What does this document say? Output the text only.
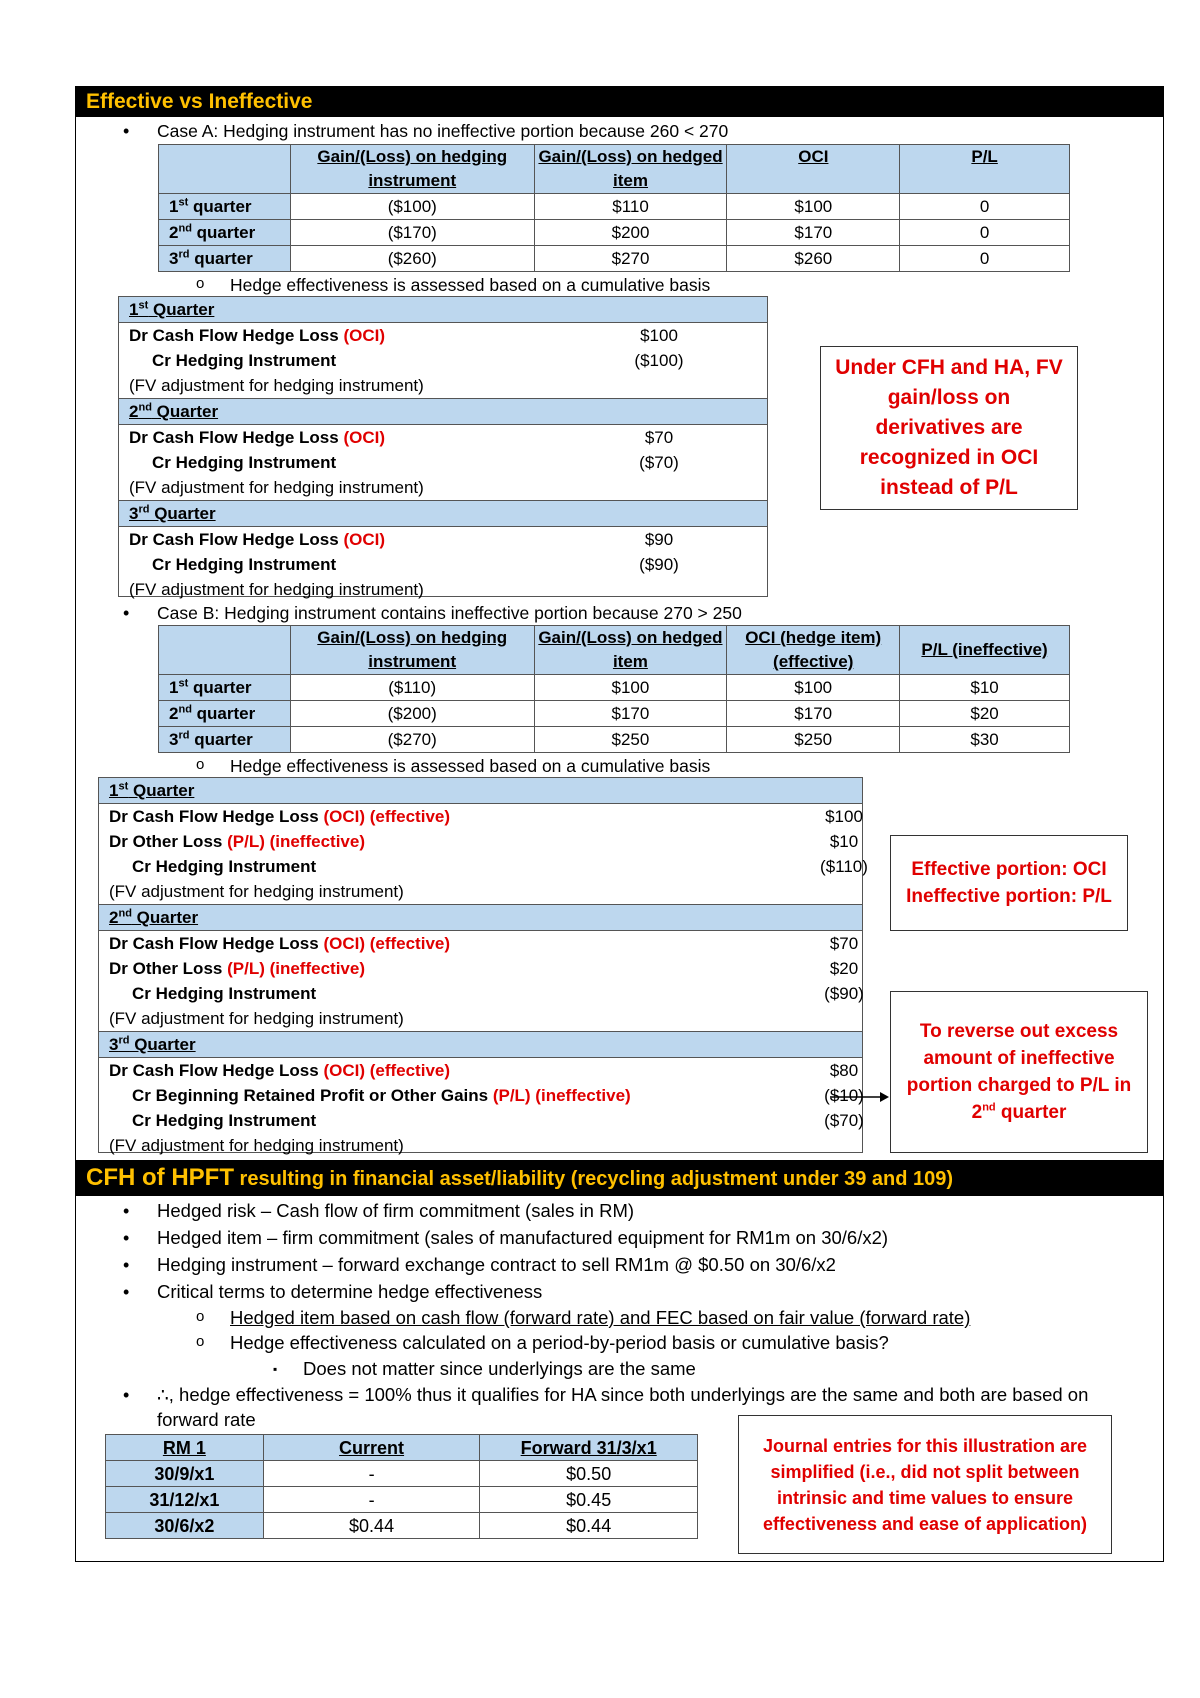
Effective vs Ineffective
• Case A: Hedging instrument has no ineffective portion because 260 < 270
	Gain/(Loss) on hedging instrument	Gain/(Loss) on hedged item	OCI	P/L
1st quarter	($100)	$110	$100	0
2nd quarter	($170)	$200	$170	0
3rd quarter	($260)	$270	$260	0
o Hedge effectiveness is assessed based on a cumulative basis
1st Quarter
Dr Cash Flow Hedge Loss (OCI)	$100
Cr Hedging Instrument	($100)
(FV adjustment for hedging instrument)
2nd Quarter
Dr Cash Flow Hedge Loss (OCI)	$70
Cr Hedging Instrument	($70)
(FV adjustment for hedging instrument)
3rd Quarter
Dr Cash Flow Hedge Loss (OCI)	$90
Cr Hedging Instrument	($90)
(FV adjustment for hedging instrument)
Under CFH and HA, FV gain/loss on derivatives are recognized in OCI instead of P/L
• Case B: Hedging instrument contains ineffective portion because 270 > 250
	Gain/(Loss) on hedging instrument	Gain/(Loss) on hedged item	OCI (hedge item) (effective)	P/L (ineffective)
1st quarter	($110)	$100	$100	$10
2nd quarter	($200)	$170	$170	$20
3rd quarter	($270)	$250	$250	$30
o Hedge effectiveness is assessed based on a cumulative basis
1st Quarter
Dr Cash Flow Hedge Loss (OCI) (effective)	$100
Dr Other Loss (P/L) (ineffective)	$10
Cr Hedging Instrument	($110)
(FV adjustment for hedging instrument)
2nd Quarter
Dr Cash Flow Hedge Loss (OCI) (effective)	$70
Dr Other Loss (P/L) (ineffective)	$20
Cr Hedging Instrument	($90)
(FV adjustment for hedging instrument)
3rd Quarter
Dr Cash Flow Hedge Loss (OCI) (effective)	$80
Cr Beginning Retained Profit or Other Gains (P/L) (ineffective)	($10)
Cr Hedging Instrument	($70)
(FV adjustment for hedging instrument)
Effective portion: OCI Ineffective portion: P/L
To reverse out excess amount of ineffective portion charged to P/L in 2nd quarter
CFH of HPFT resulting in financial asset/liability (recycling adjustment under 39 and 109)
• Hedged risk – Cash flow of firm commitment (sales in RM)
• Hedged item – firm commitment (sales of manufactured equipment for RM1m on 30/6/x2)
• Hedging instrument – forward exchange contract to sell RM1m @ $0.50 on 30/6/x2
• Critical terms to determine hedge effectiveness
o Hedged item based on cash flow (forward rate) and FEC based on fair value (forward rate)
o Hedge effectiveness calculated on a period-by-period basis or cumulative basis?
▪ Does not matter since underlyings are the same
• ∴, hedge effectiveness = 100% thus it qualifies for HA since both underlyings are the same and both are based on
forward rate
RM 1	Current	Forward 31/3/x1
30/9/x1	-	$0.50
31/12/x1	-	$0.45
30/6/x2	$0.44	$0.44
Journal entries for this illustration are simplified (i.e., did not split between intrinsic and time values to ensure effectiveness and ease of application)
